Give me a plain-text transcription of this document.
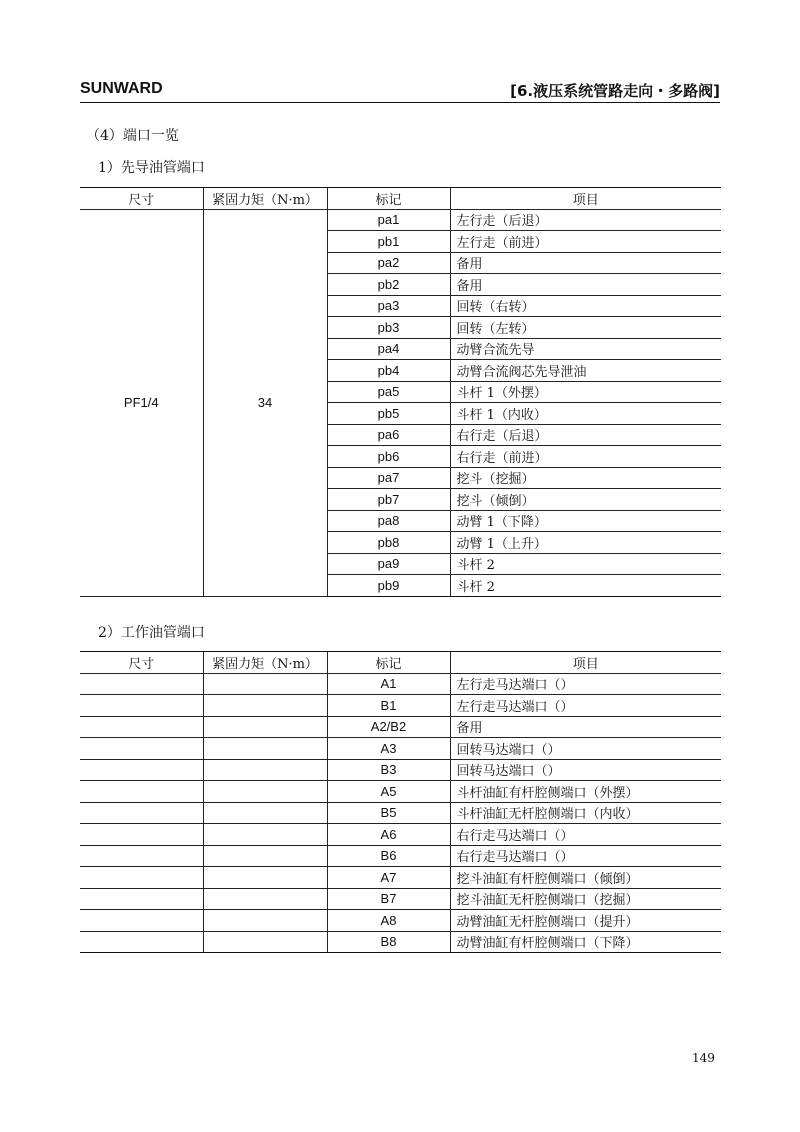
SUNWARD	[6.液压系统管路走向・多路阀]
（4）端口一览
1）先导油管端口
尺寸	紧固力矩（N·m）	标记	项目
PF1/4	34	pa1	左行走（后退）
		pb1	左行走（前进）
		pa2	备用
		pb2	备用
		pa3	回转（右转）
		pb3	回转（左转）
		pa4	动臂合流先导
		pb4	动臂合流阀芯先导泄油
		pa5	斗杆 1（外摆）
		pb5	斗杆 1（内收）
		pa6	右行走（后退）
		pb6	右行走（前进）
		pa7	挖斗（挖掘）
		pb7	挖斗（倾倒）
		pa8	动臂 1（下降）
		pb8	动臂 1（上升）
		pa9	斗杆 2
		pb9	斗杆 2
2）工作油管端口
尺寸	紧固力矩（N·m）	标记	项目
		A1	左行走马达端口（）
		B1	左行走马达端口（）
		A2/B2	备用
		A3	回转马达端口（）
		B3	回转马达端口（）
		A5	斗杆油缸有杆腔侧端口（外摆）
		B5	斗杆油缸无杆腔侧端口（内收）
		A6	右行走马达端口（）
		B6	右行走马达端口（）
		A7	挖斗油缸有杆腔侧端口（倾倒）
		B7	挖斗油缸无杆腔侧端口（挖掘）
		A8	动臂油缸无杆腔侧端口（提升）
		B8	动臂油缸有杆腔侧端口（下降）
149
